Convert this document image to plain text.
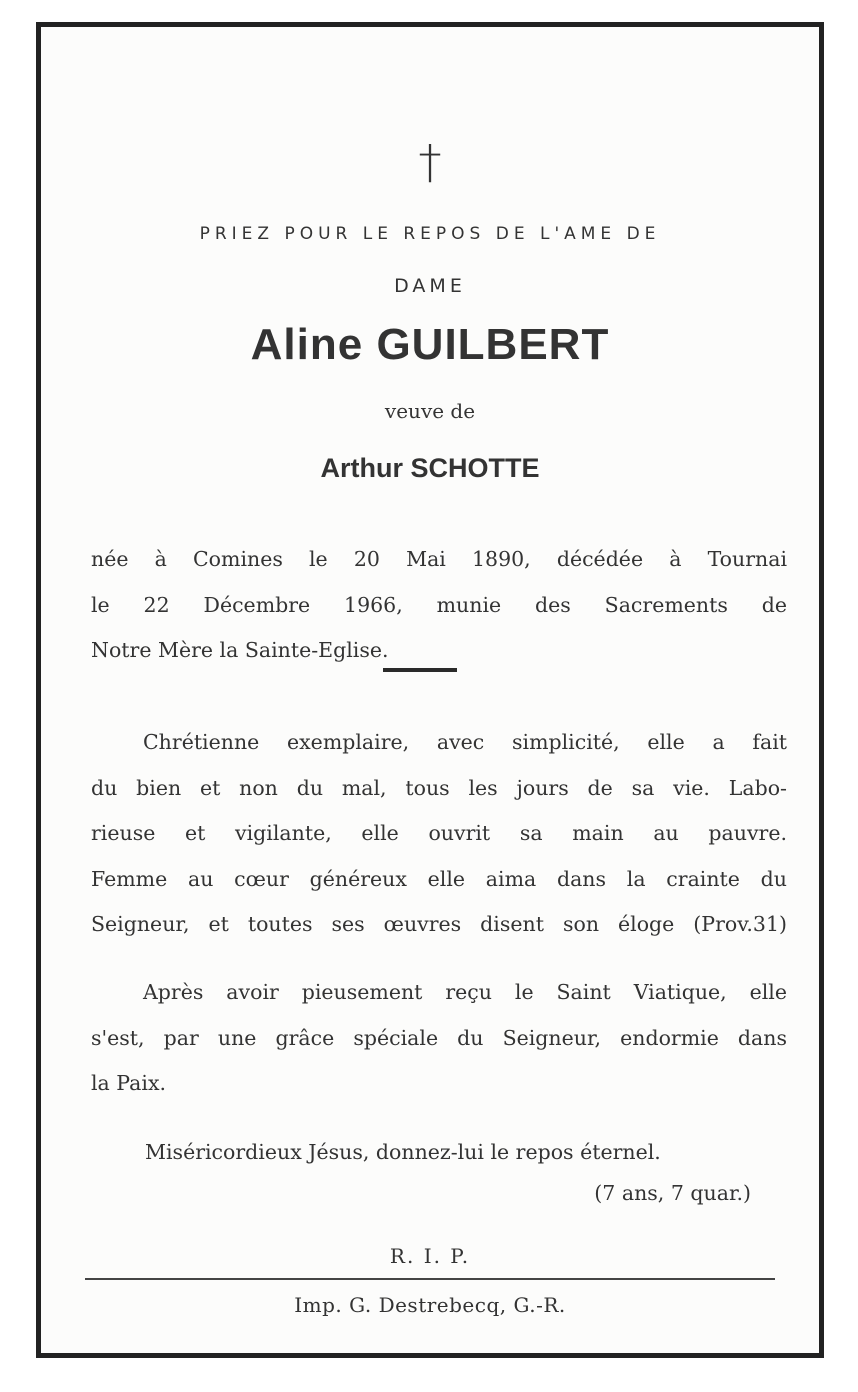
†
PRIEZ POUR LE REPOS DE L'AME DE
DAME
Aline GUILBERT
veuve de
Arthur SCHOTTE
née à Comines le 20 Mai 1890, décédée à Tournai
le 22 Décembre 1966, munie des Sacrements de
Notre Mère la Sainte-Eglise.
Chrétienne exemplaire, avec simplicité, elle a fait
du bien et non du mal, tous les jours de sa vie. Labo-
rieuse et vigilante, elle ouvrit sa main au pauvre.
Femme au cœur généreux elle aima dans la crainte du
Seigneur, et toutes ses œuvres disent son éloge (Prov.31)
Après avoir pieusement reçu le Saint Viatique, elle
s'est, par une grâce spéciale du Seigneur, endormie dans
la Paix.
Miséricordieux Jésus, donnez-lui le repos éternel.
(7 ans, 7 quar.)
R. I. P.
Imp. G. Destrebecq, G.-R.
